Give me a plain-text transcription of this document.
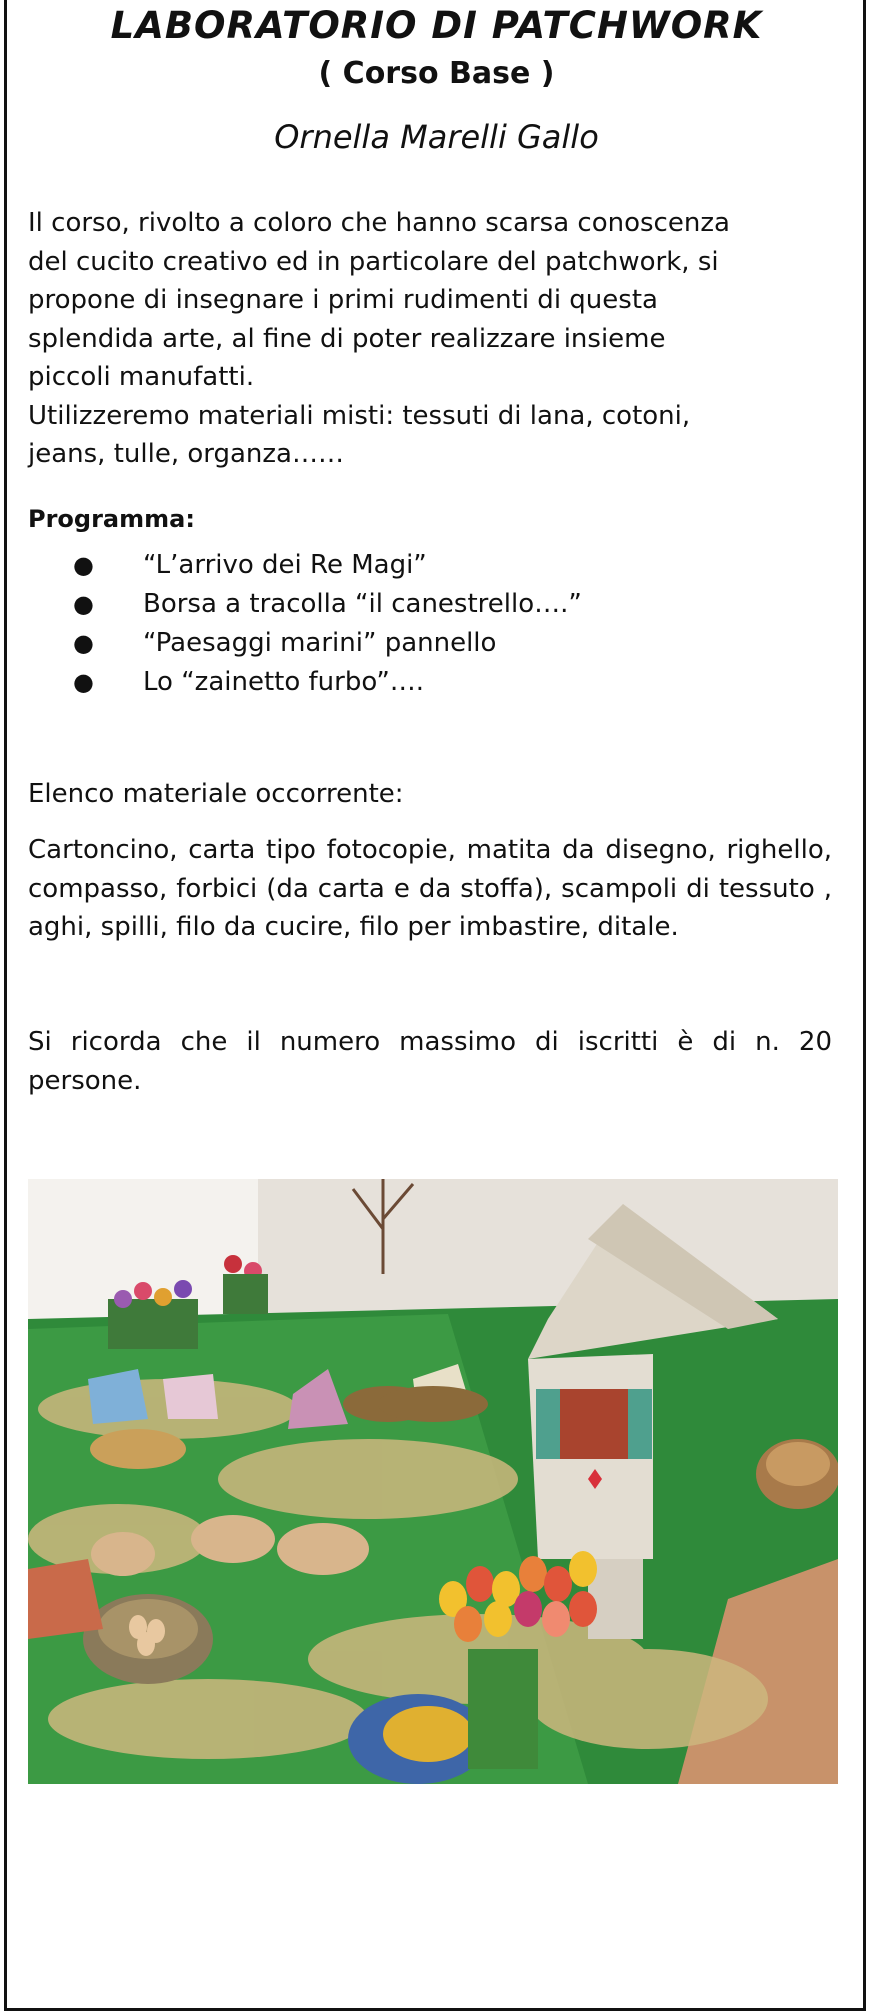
LABORATORIO DI PATCHWORK
( Corso Base )
Ornella Marelli Gallo
Il corso, rivolto a coloro che hanno scarsa conoscenza
del cucito creativo ed in particolare del patchwork, si
propone di insegnare i primi rudimenti di questa
splendida arte, al fine di poter realizzare insieme
piccoli manufatti.
Utilizzeremo materiali misti: tessuti di lana, cotoni,
jeans, tulle, organza……
Programma:
● “L’arrivo dei Re Magi”
● Borsa a tracolla “il canestrello….”
● “Paesaggi marini” pannello
● Lo “zainetto furbo”….
Elenco materiale occorrente:
Cartoncino, carta tipo fotocopie, matita da disegno, righello, compasso, forbici (da carta e da stoffa), scampoli di tessuto , aghi, spilli, filo da cucire, filo per imbastire, ditale.
Si ricorda che il numero massimo di iscritti è di n. 20 persone.
